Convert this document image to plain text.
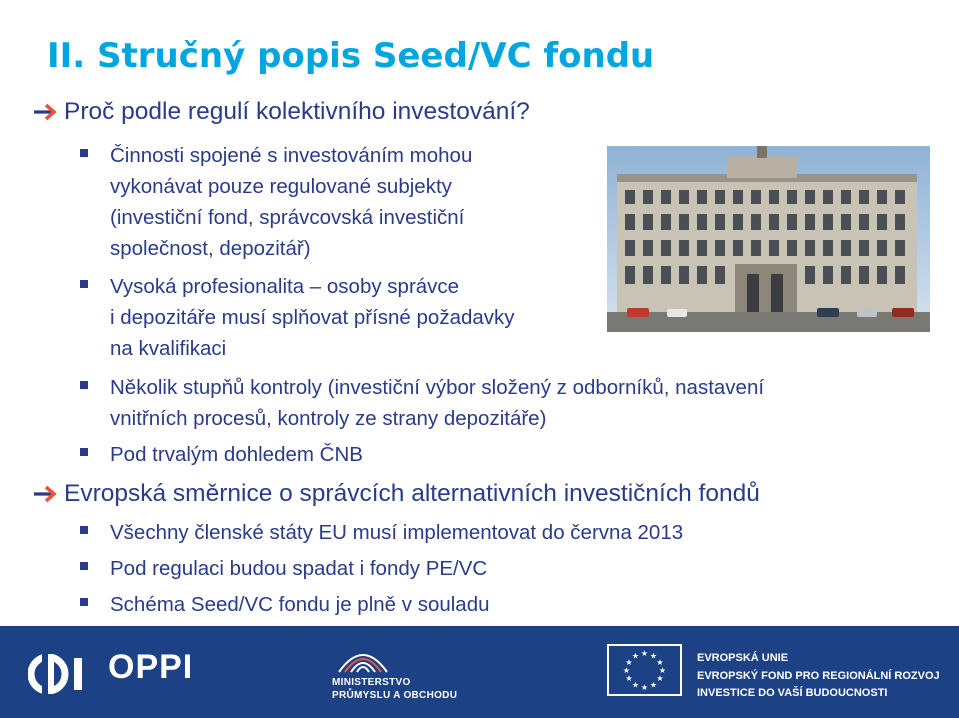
II. Stručný popis Seed/VC fondu
Proč podle regulí kolektivního investování?
Činnosti spojené s investováním mohou
vykonávat pouze regulované subjekty
(investiční fond, správcovská investiční
společnost, depozitář)
Vysoká profesionalita – osoby správce
i depozitáře musí splňovat přísné požadavky
na kvalifikaci
Několik stupňů kontroly (investiční výbor složený z odborníků, nastavení
vnitřních procesů, kontroly ze strany depozitáře)
Pod trvalým dohledem ČNB
Evropská směrnice o správcích alternativních investičních fondů
Všechny členské státy EU musí implementovat do června 2013
Pod regulaci budou spadat i fondy PE/VC
Schéma Seed/VC fondu je plně v souladu
OPPI	MINISTERSTVO
PRŮMYSLU A OBCHODU
★ ★
★
★
★
★
★
★
★
★
★
★	EVROPSKÁ UNIE
EVROPSKÝ FOND PRO REGIONÁLNÍ ROZVOJ
INVESTICE DO VAŠÍ BUDOUCNOSTI
